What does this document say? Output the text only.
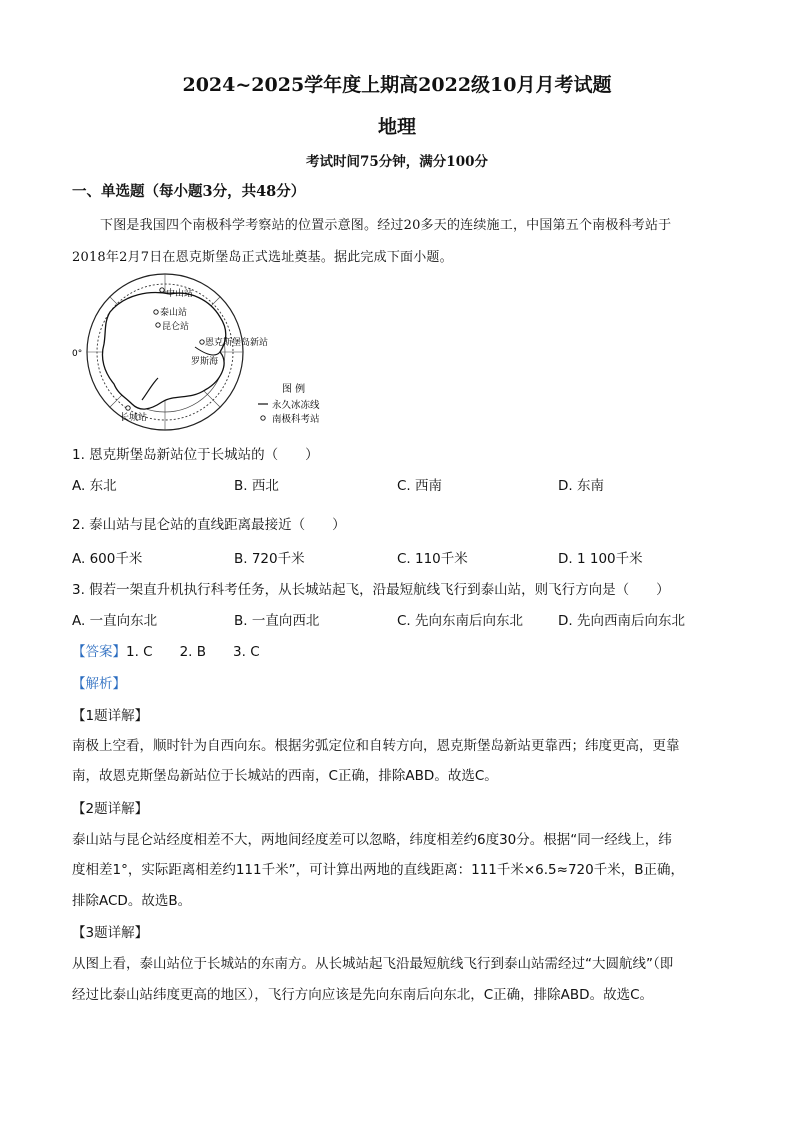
2024~2025学年度上期高2022级10月月考试题
地理
考试时间75分钟，满分100分
一、单选题（每小题3分，共48分）
下图是我国四个南极科学考察站的位置示意图。经过20多天的连续施工，中国第五个南极科考站于
2018年2月7日在恩克斯堡岛正式选址奠基。据此完成下面小题。
0°
中山站
泰山站
昆仑站
恩克斯堡岛新站
罗斯海
长城站
图 例
永久冰冻线
南极科考站
1. 恩克斯堡岛新站位于长城站的（　　）
A. 东北	B. 西北	C. 西南	D. 东南
2. 泰山站与昆仑站的直线距离最接近（　　）
A. 600千米	B. 720千米	C. 110千米	D. 1 100千米
3. 假若一架直升机执行科考任务，从长城站起飞，沿最短航线飞行到泰山站，则飞行方向是（　　）
A. 一直向东北	B. 一直向西北	C. 先向东南后向东北	D. 先向西南后向东北
【答案】1. C　　2. B　　3. C
【解析】
【1题详解】
南极上空看，顺时针为自西向东。根据劣弧定位和自转方向，恩克斯堡岛新站更靠西；纬度更高，更靠
南，故恩克斯堡岛新站位于长城站的西南，C正确，排除ABD。故选C。
【2题详解】
泰山站与昆仑站经度相差不大，两地间经度差可以忽略，纬度相差约6度30分。根据“同一经线上，纬
度相差1°，实际距离相差约111千米”，可计算出两地的直线距离：111千米×6.5≈720千米，B正确，
排除ACD。故选B。
【3题详解】
从图上看，泰山站位于长城站的东南方。从长城站起飞沿最短航线飞行到泰山站需经过“大圆航线”（即
经过比泰山站纬度更高的地区），飞行方向应该是先向东南后向东北，C正确，排除ABD。故选C。
